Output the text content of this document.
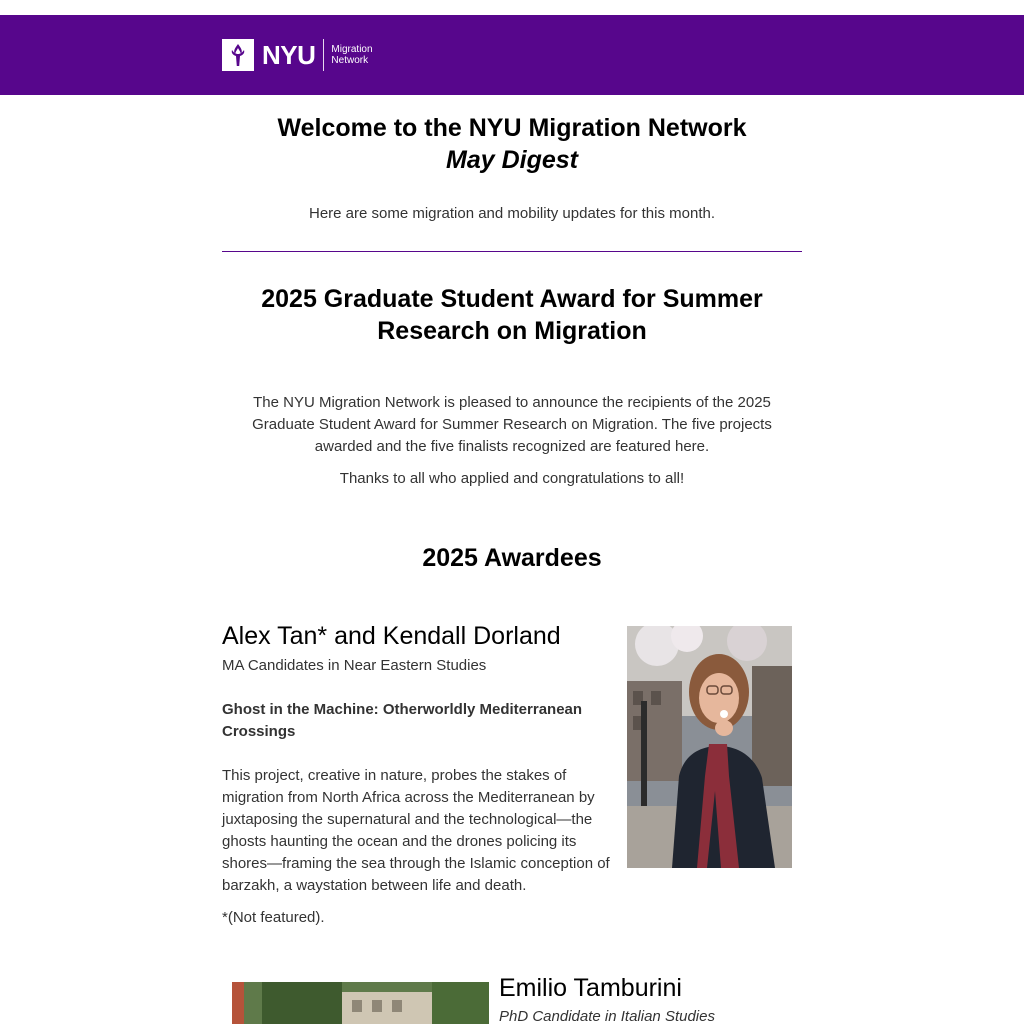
NYU Migration
Network
Welcome to the NYU Migration Network
May Digest

Here are some migration and mobility updates for this month.

2025 Graduate Student Award for Summer Research on Migration

The NYU Migration Network is pleased to announce the recipients of the 2025 Graduate Student Award for Summer Research on Migration. The five projects awarded and the five finalists recognized are featured here.

Thanks to all who applied and congratulations to all!

2025 Awardees
Alex Tan* and Kendall Dorland
MA Candidates in Near Eastern Studies
Ghost in the Machine: Otherworldly Mediterranean Crossings
This project, creative in nature, probes the stakes of migration from North Africa across the Mediterranean by juxtaposing the supernatural and the technological—the ghosts haunting the ocean and the drones policing its shores—framing the sea through the Islamic conception of barzakh, a waystation between life and death.
*(Not featured).
Emilio Tamburini
PhD Candidate in Italian Studies
